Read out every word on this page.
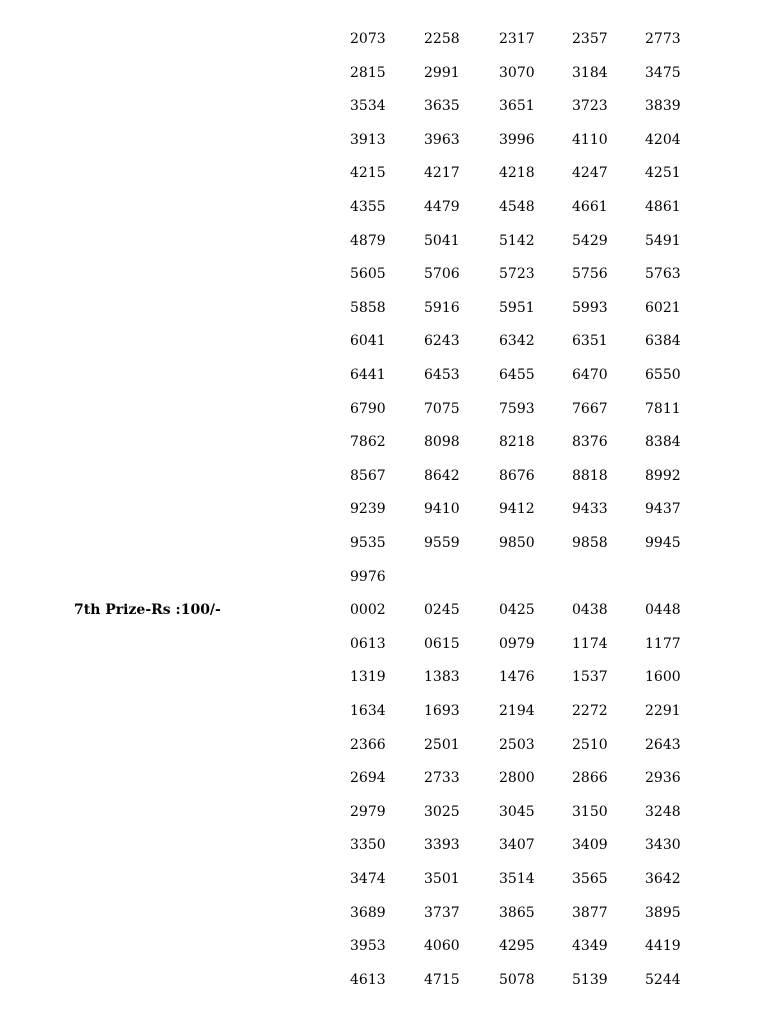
2073	2258	2317	2357	2773
2815	2991	3070	3184	3475
3534	3635	3651	3723	3839
3913	3963	3996	4110	4204
4215	4217	4218	4247	4251
4355	4479	4548	4661	4861
4879	5041	5142	5429	5491
5605	5706	5723	5756	5763
5858	5916	5951	5993	6021
6041	6243	6342	6351	6384
6441	6453	6455	6470	6550
6790	7075	7593	7667	7811
7862	8098	8218	8376	8384
8567	8642	8676	8818	8992
9239	9410	9412	9433	9437
9535	9559	9850	9858	9945
9976
7th Prize-Rs :100/-	0002	0245	0425	0438	0448
0613	0615	0979	1174	1177
1319	1383	1476	1537	1600
1634	1693	2194	2272	2291
2366	2501	2503	2510	2643
2694	2733	2800	2866	2936
2979	3025	3045	3150	3248
3350	3393	3407	3409	3430
3474	3501	3514	3565	3642
3689	3737	3865	3877	3895
3953	4060	4295	4349	4419
4613	4715	5078	5139	5244
